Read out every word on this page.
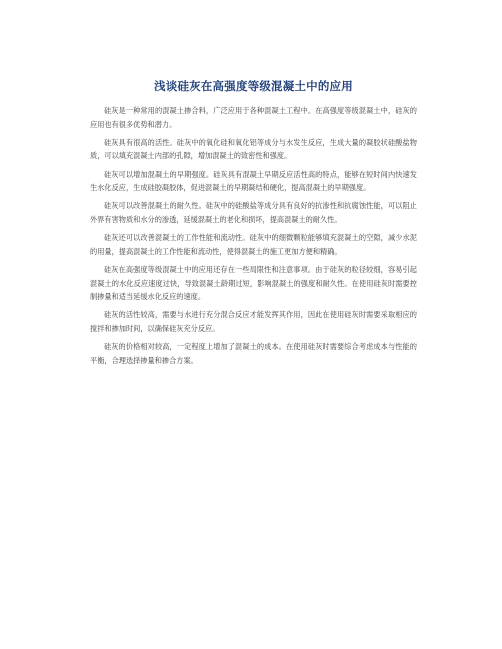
浅谈硅灰在高强度等级混凝土中的应用

硅灰是一种常用的混凝土掺合料，广泛应用于各种混凝土工程中。在高强度等级混凝土中，硅灰的应用也有很多优势和潜力。

硅灰具有很高的活性。硅灰中的氧化硅和氧化铝等成分与水发生反应，生成大量的凝胶状硅酸盐物质，可以填充混凝土内部的孔隙，增加混凝土的致密性和强度。

硅灰可以增加混凝土的早期强度。硅灰具有混凝土早期反应活性高的特点，能够在短时间内快速发生水化反应，生成硅胶凝胶体，促进混凝土的早期凝结和硬化，提高混凝土的早期强度。

硅灰可以改善混凝土的耐久性。硅灰中的硅酸盐等成分具有良好的抗渗性和抗腐蚀性能，可以阻止外界有害物质和水分的渗透，延缓混凝土的老化和损坏，提高混凝土的耐久性。

硅灰还可以改善混凝土的工作性能和流动性。硅灰中的细微颗粒能够填充混凝土的空隙，减少水泥的用量，提高混凝土的工作性能和流动性，使得混凝土的施工更加方便和精确。

硅灰在高强度等级混凝土中的应用还存在一些局限性和注意事项。由于硅灰的粒径较细，容易引起混凝土的水化反应速度过快，导致混凝土龄期过短，影响混凝土的强度和耐久性。在使用硅灰时需要控制掺量和适当延缓水化反应的速度。

硅灰的活性较高，需要与水进行充分混合反应才能发挥其作用，因此在使用硅灰时需要采取相应的搅拌和掺加时间，以确保硅灰充分反应。

硅灰的价格相对较高，一定程度上增加了混凝土的成本。在使用硅灰时需要综合考虑成本与性能的平衡，合理选择掺量和掺合方案。
